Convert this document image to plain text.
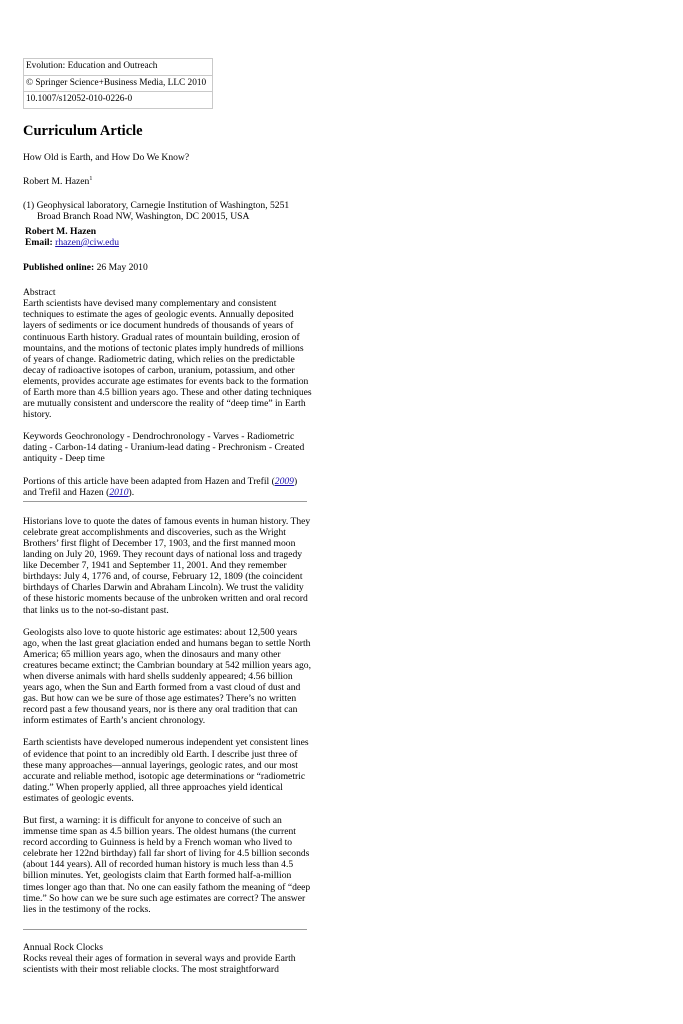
Evolution: Education and Outreach
© Springer Science+Business Media, LLC 2010
10.1007/s12052-010-0226-0
Curriculum Article

How Old is Earth, and How Do We Know?

Robert M. Hazen$^1$

(1) Geophysical laboratory, Carnegie Institution of Washington, 5251 Broad Branch Road NW, Washington, DC 20015, USA

Robert M. Hazen
Email: rhazen@ciw.edu

Published online: 26 May 2010

Abstract
Earth scientists have devised many complementary and consistent techniques to estimate the ages of geologic events. Annually deposited layers of sediments or ice document hundreds of thousands of years of continuous Earth history. Gradual rates of mountain building, erosion of mountains, and the motions of tectonic plates imply hundreds of millions of years of change. Radiometric dating, which relies on the predictable decay of radioactive isotopes of carbon, uranium, potassium, and other elements, provides accurate age estimates for events back to the formation of Earth more than 4.5 billion years ago. These and other dating techniques are mutually consistent and underscore the reality of “deep time” in Earth history.

Keywords Geochronology - Dendrochronology - Varves - Radiometric dating - Carbon-14 dating - Uranium-lead dating - Prechronism - Created antiquity - Deep time

Portions of this article have been adapted from Hazen and Trefil (2009) and Trefil and Hazen (2010).

Historians love to quote the dates of famous events in human history. They celebrate great accomplishments and discoveries, such as the Wright Brothers’ first flight of December 17, 1903, and the first manned moon landing on July 20, 1969. They recount days of national loss and tragedy like December 7, 1941 and September 11, 2001. And they remember birthdays: July 4, 1776 and, of course, February 12, 1809 (the coincident birthdays of Charles Darwin and Abraham Lincoln). We trust the validity of these historic moments because of the unbroken written and oral record that links us to the not-so-distant past.

Geologists also love to quote historic age estimates: about 12,500 years ago, when the last great glaciation ended and humans began to settle North America; 65 million years ago, when the dinosaurs and many other creatures became extinct; the Cambrian boundary at 542 million years ago, when diverse animals with hard shells suddenly appeared; 4.56 billion years ago, when the Sun and Earth formed from a vast cloud of dust and gas. But how can we be sure of those age estimates? There’s no written record past a few thousand years, nor is there any oral tradition that can inform estimates of Earth’s ancient chronology.

Earth scientists have developed numerous independent yet consistent lines of evidence that point to an incredibly old Earth. I describe just three of these many approaches—annual layerings, geologic rates, and our most accurate and reliable method, isotopic age determinations or “radiometric dating.” When properly applied, all three approaches yield identical estimates of geologic events.

But first, a warning: it is difficult for anyone to conceive of such an immense time span as 4.5 billion years. The oldest humans (the current record according to Guinness is held by a French woman who lived to celebrate her 122nd birthday) fall far short of living for 4.5 billion seconds (about 144 years). All of recorded human history is much less than 4.5 billion minutes. Yet, geologists claim that Earth formed half-a-million times longer ago than that. No one can easily fathom the meaning of “deep time.” So how can we be sure such age estimates are correct? The answer lies in the testimony of the rocks.

Annual Rock Clocks
Rocks reveal their ages of formation in several ways and provide Earth scientists with their most reliable clocks. The most straightforward
